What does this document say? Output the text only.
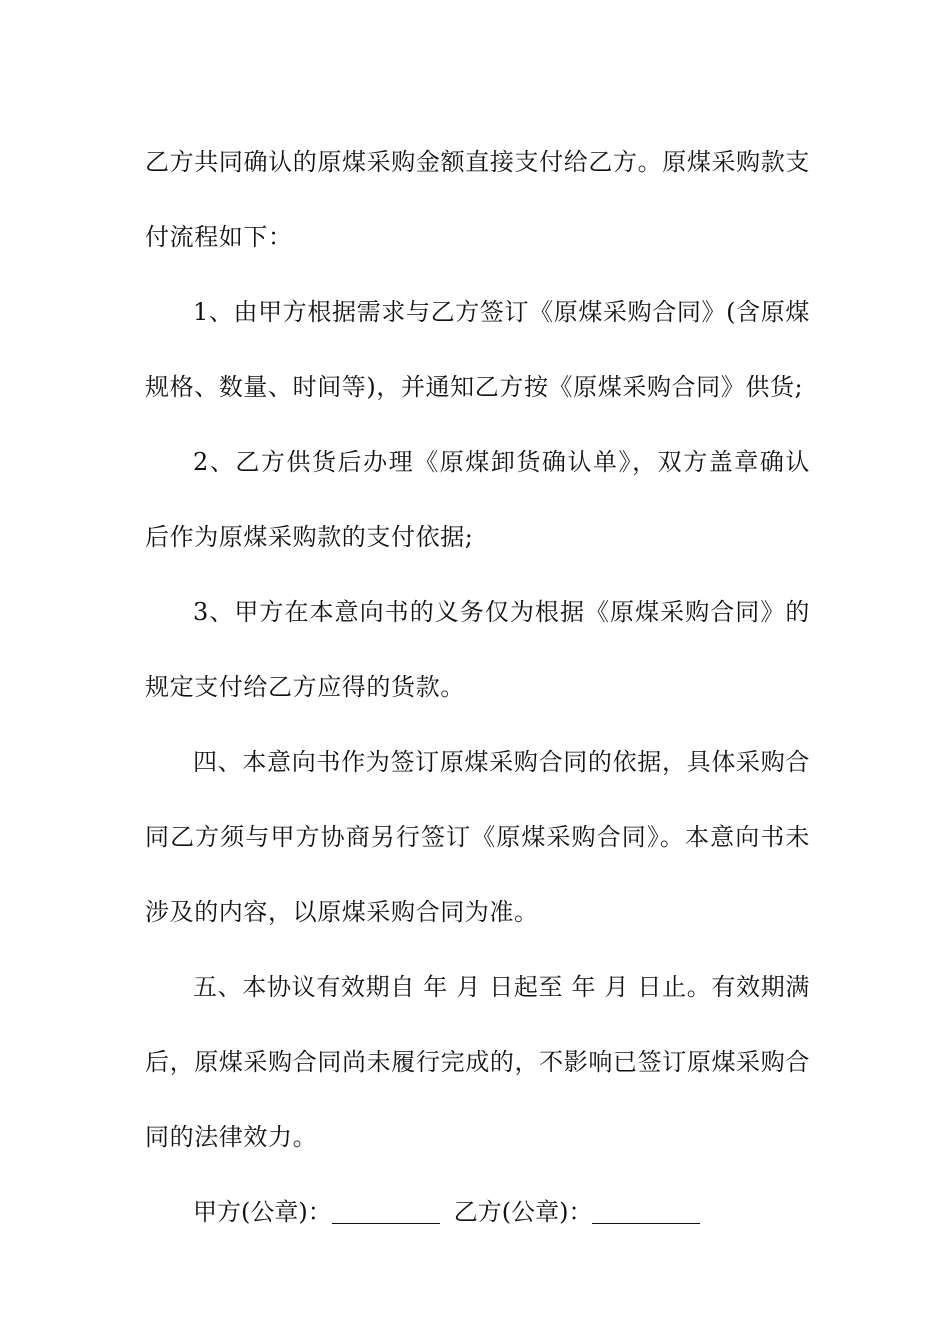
乙方共同确认的原煤采购金额直接支付给乙方。原煤采购款支付流程如下：

1、由甲方根据需求与乙方签订《原煤采购合同》(含原煤规格、数量、时间等)，并通知乙方按《原煤采购合同》供货;

2、乙方供货后办理《原煤卸货确认单》，双方盖章确认后作为原煤采购款的支付依据;

3、甲方在本意向书的义务仅为根据《原煤采购合同》的规定支付给乙方应得的货款。

四、本意向书作为签订原煤采购合同的依据，具体采购合同乙方须与甲方协商另行签订《原煤采购合同》。本意向书未涉及的内容，以原煤采购合同为准。

五、本协议有效期自 年 月 日起至 年 月 日止。有效期满后，原煤采购合同尚未履行完成的，不影响已签订原煤采购合同的法律效力。

甲方(公章)：	乙方(公章)：
